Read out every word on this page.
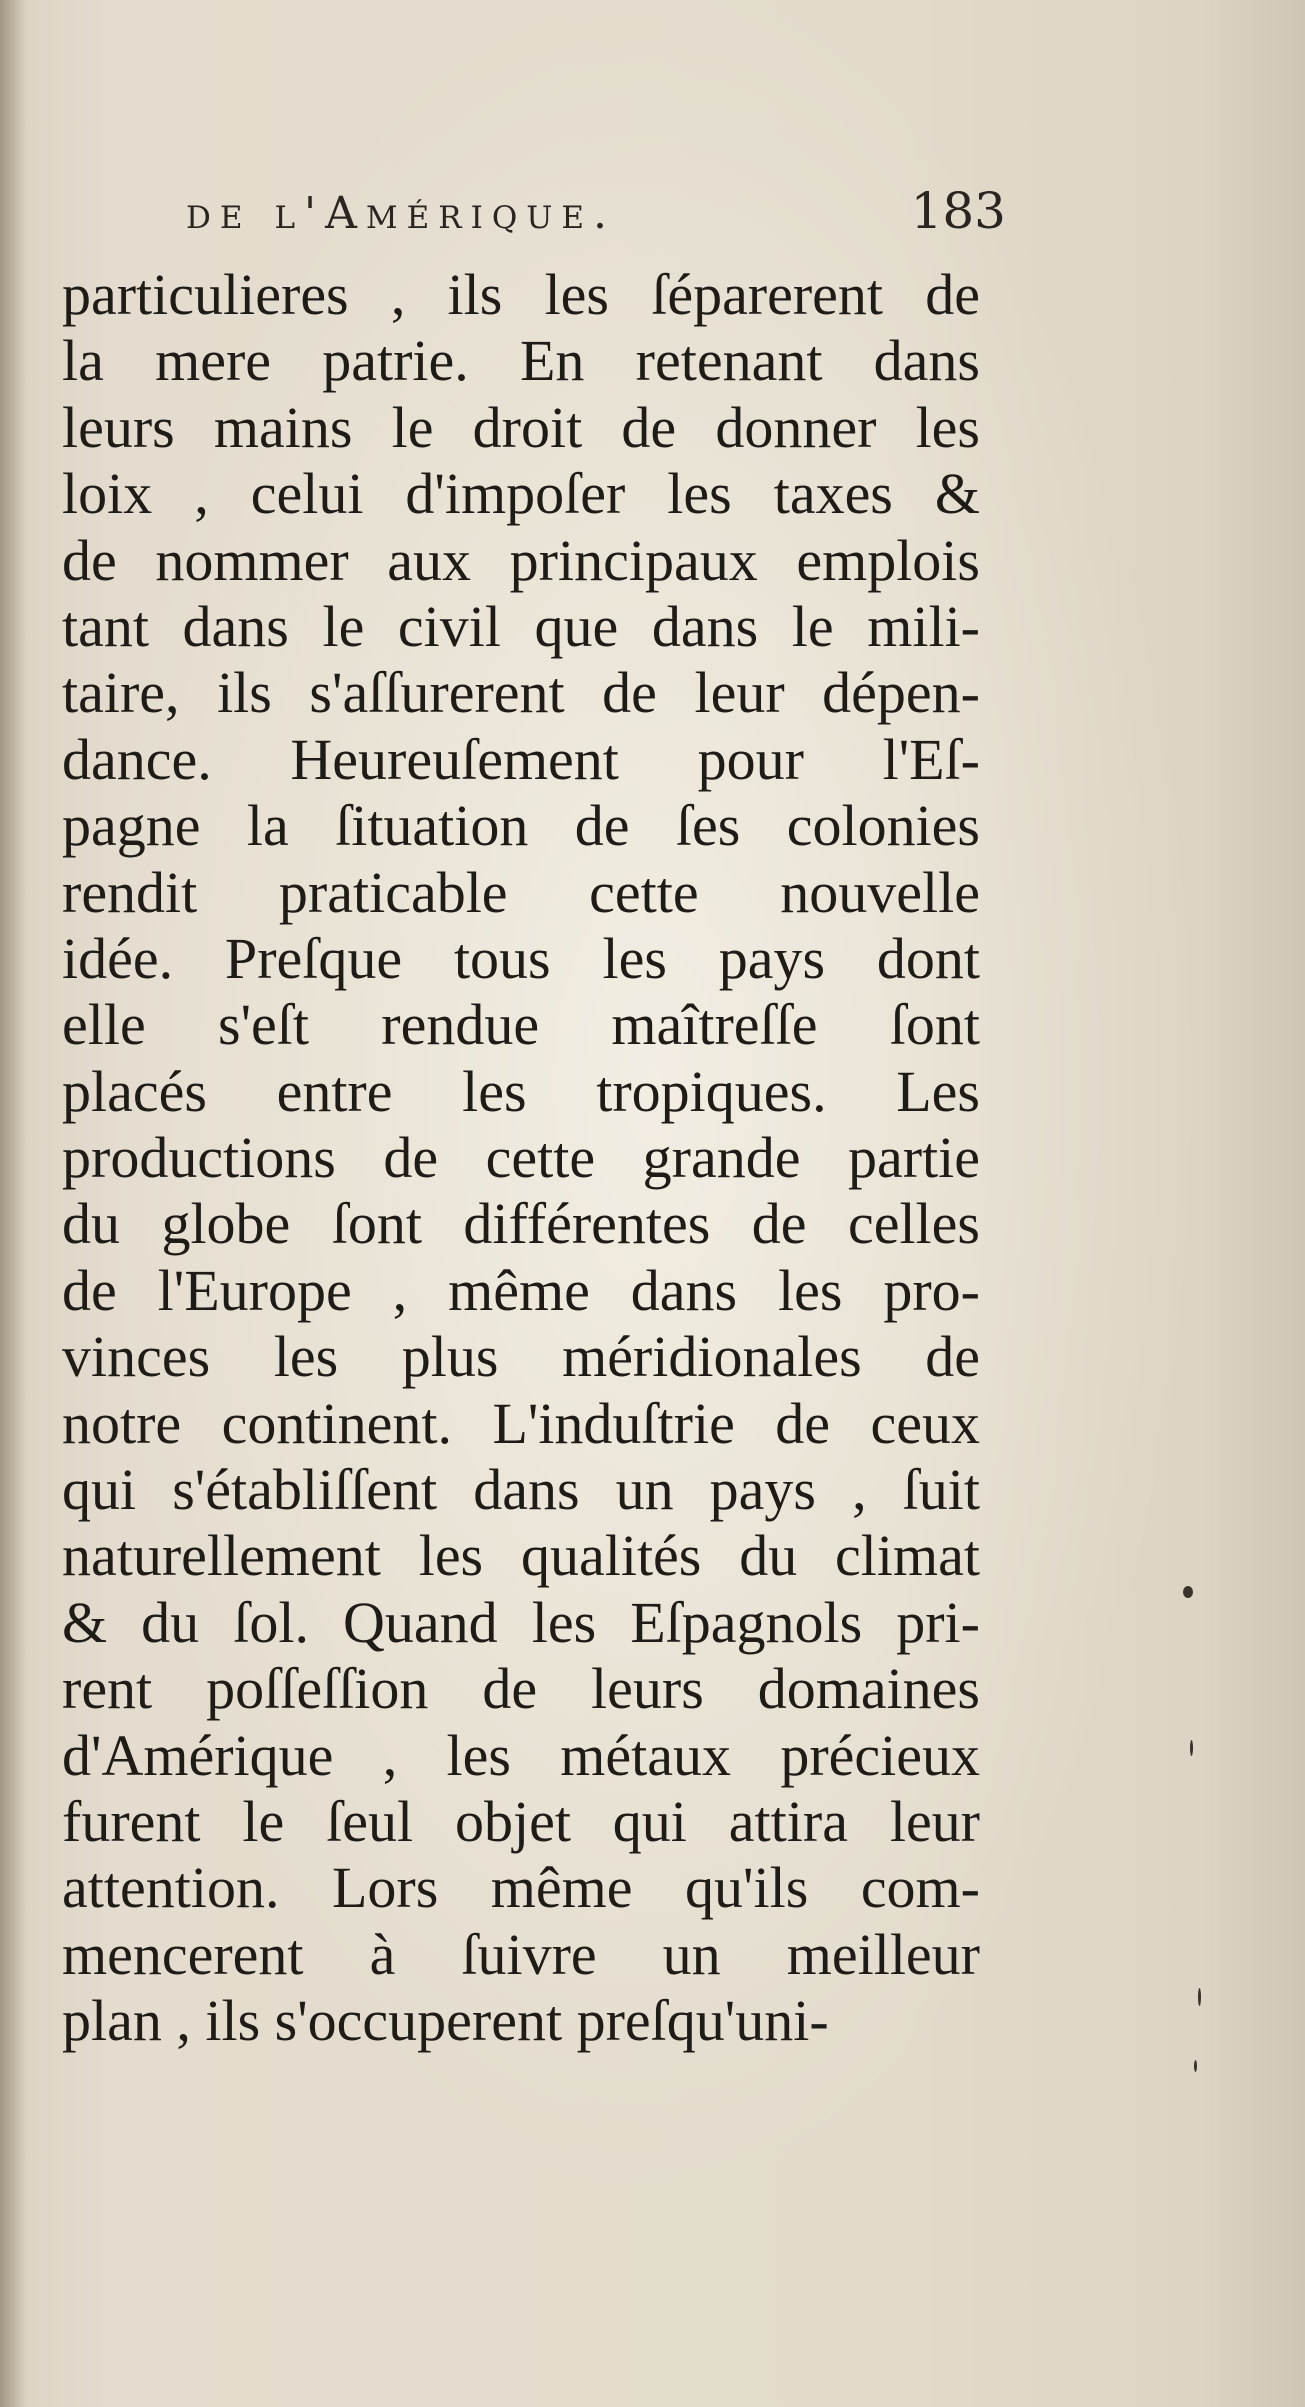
de l'Amérique.	183
particulieres , ils les ſéparerent de
la mere patrie. En retenant dans
leurs mains le droit de donner les
loix , celui d'impoſer les taxes &
de nommer aux principaux emplois
tant dans le civil que dans le mili-
taire, ils s'aſſurerent de leur dépen-
dance. Heureuſement pour l'Eſ-
pagne la ſituation de ſes colonies
rendit praticable cette nouvelle
idée. Preſque tous les pays dont
elle s'eſt rendue maîtreſſe ſont
placés entre les tropiques. Les
productions de cette grande partie
du globe ſont différentes de celles
de l'Europe , même dans les pro-
vinces les plus méridionales de
notre continent. L'induſtrie de ceux
qui s'établiſſent dans un pays , ſuit
naturellement les qualités du climat
& du ſol. Quand les Eſpagnols pri-
rent poſſeſſion de leurs domaines
d'Amérique , les métaux précieux
furent le ſeul objet qui attira leur
attention. Lors même qu'ils com-
mencerent à ſuivre un meilleur
plan , ils s'occuperent preſqu'uni-
